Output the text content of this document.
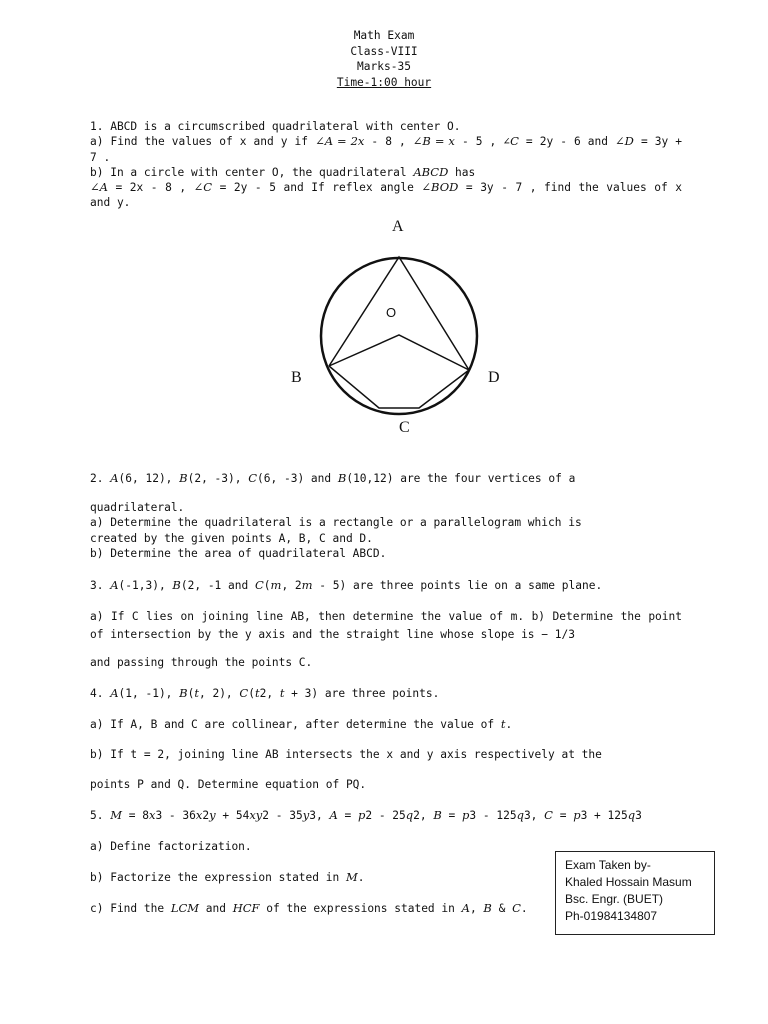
Math Exam
Class-VIII
Marks-35
Time-1:00 hour
1. ABCD is a circumscribed quadrilateral with center O.
a) Find the values of x and y if ∠A = 2x - 8 , ∠B = x - 5 , ∠C = 2y - 6 and ∠D = 3y + 7 .
b) In a circle with center O, the quadrilateral ABCD has
∠A = 2x - 8 , ∠C = 2y - 5 and If reflex angle ∠BOD = 3y - 7 , find the values of x and y.
A
O
B	D
C
2. A(6, 12), B(2, -3), C(6, -3) and B(10,12) are the four vertices of a
quadrilateral.
a) Determine the quadrilateral is a rectangle or a parallelogram which is
created by the given points A, B, C and D.
b) Determine the area of quadrilateral ABCD.
3. A(-1,3), B(2, -1 and C(m, 2m - 5) are three points lie on a same plane.
a) If C lies on joining line AB, then determine the value of m. b) Determine the point of intersection by the y axis and the straight line whose slope is − 1/3
and passing through the points C.
4. A(1, -1), B(t, 2), C(t2, t + 3) are three points.
a) If A, B and C are collinear, after determine the value of t.
b) If t = 2, joining line AB intersects the x and y axis respectively at the
points P and Q. Determine equation of PQ.
5. M = 8x3 - 36x2y + 54xy2 - 35y3, A = p2 - 25q2, B = p3 - 125q3, C = p3 + 125q3
a) Define factorization.
b) Factorize the expression stated in M.
c) Find the LCM and HCF of the expressions stated in A, B & C.
Exam Taken by-
Khaled Hossain Masum
Bsc. Engr. (BUET)
Ph-01984134807
